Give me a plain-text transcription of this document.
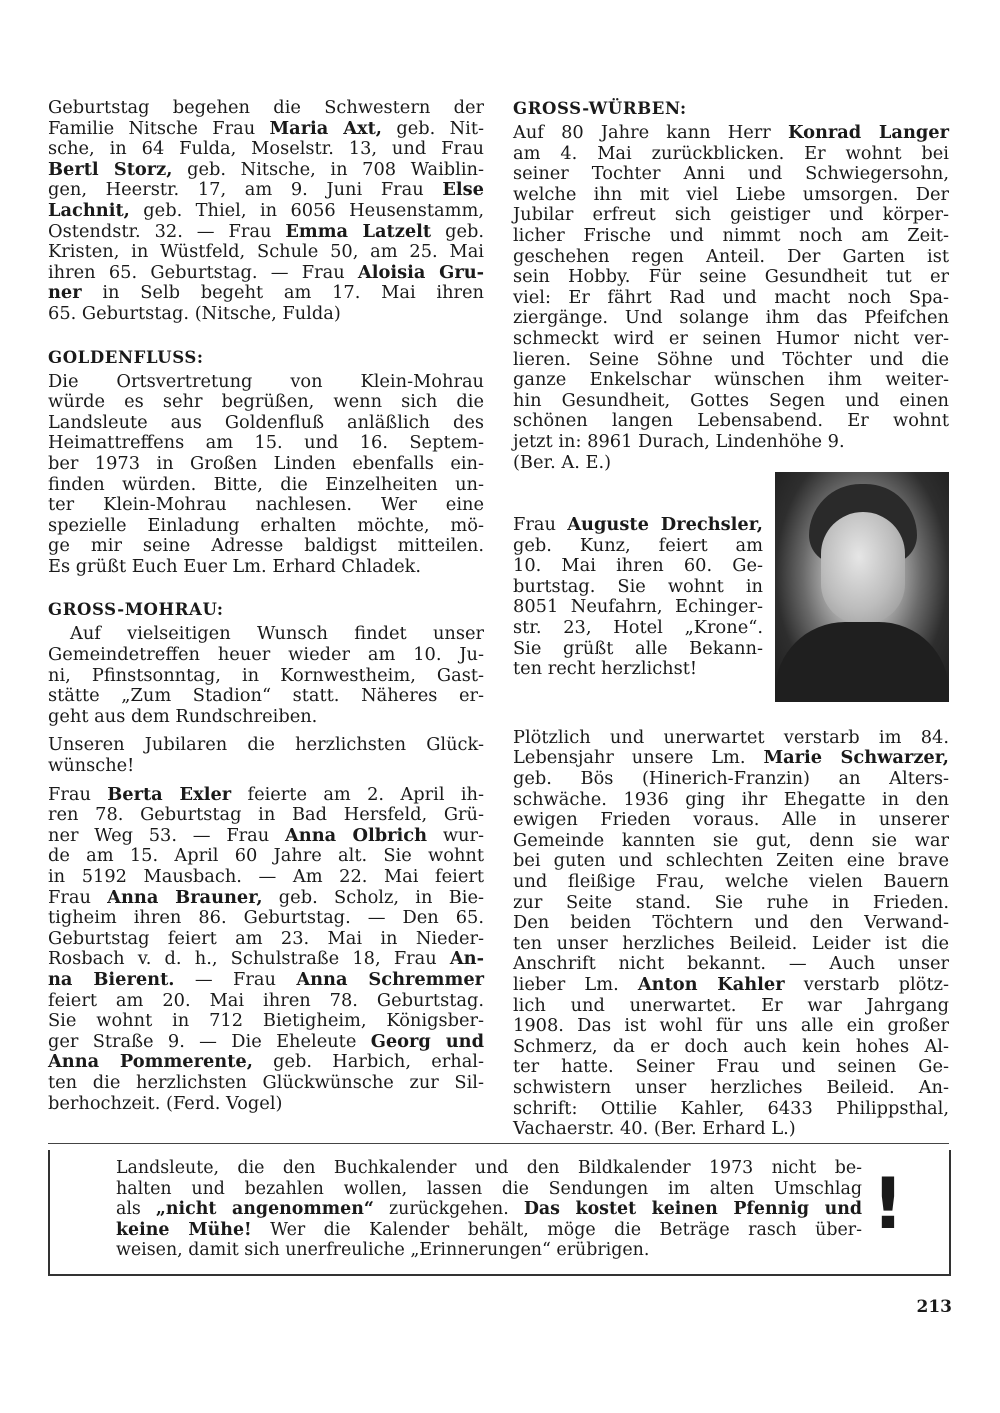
Geburtstag begehen die Schwestern der
Familie Nitsche Frau Maria Axt, geb. Nit-
sche, in 64 Fulda, Moselstr. 13, und Frau
Bertl Storz, geb. Nitsche, in 708 Waiblin-
gen, Heerstr. 17, am 9. Juni Frau Else
Lachnit, geb. Thiel, in 6056 Heusenstamm,
Ostendstr. 32. — Frau Emma Latzelt geb.
Kristen, in Wüstfeld, Schule 50, am 25. Mai
ihren 65. Geburtstag. — Frau Aloisia Gru-
ner in Selb begeht am 17. Mai ihren
65. Geburtstag. (Nitsche, Fulda)
GOLDENFLUSS:
Die Ortsvertretung von Klein-Mohrau
würde es sehr begrüßen, wenn sich die
Landsleute aus Goldenfluß anläßlich des
Heimattreffens am 15. und 16. Septem-
ber 1973 in Großen Linden ebenfalls ein-
finden würden. Bitte, die Einzelheiten un-
ter Klein-Mohrau nachlesen. Wer eine
spezielle Einladung erhalten möchte, mö-
ge mir seine Adresse baldigst mitteilen.
Es grüßt Euch Euer Lm. Erhard Chladek.
GROSS-MOHRAU:
Auf vielseitigen Wunsch findet unser
Gemeindetreffen heuer wieder am 10. Ju-
ni, Pfinstsonntag, in Kornwestheim, Gast-
stätte „Zum Stadion“ statt. Näheres er-
geht aus dem Rundschreiben.
Unseren Jubilaren die herzlichsten Glück-
wünsche!
Frau Berta Exler feierte am 2. April ih-
ren 78. Geburtstag in Bad Hersfeld, Grü-
ner Weg 53. — Frau Anna Olbrich wur-
de am 15. April 60 Jahre alt. Sie wohnt
in 5192 Mausbach. — Am 22. Mai feiert
Frau Anna Brauner, geb. Scholz, in Bie-
tigheim ihren 86. Geburtstag. — Den 65.
Geburtstag feiert am 23. Mai in Nieder-
Rosbach v. d. h., Schulstraße 18, Frau An-
na Bierent. — Frau Anna Schremmer
feiert am 20. Mai ihren 78. Geburtstag.
Sie wohnt in 712 Bietigheim, Königsber-
ger Straße 9. — Die Eheleute Georg und
Anna Pommerente, geb. Harbich, erhal-
ten die herzlichsten Glückwünsche zur Sil-
berhochzeit. (Ferd. Vogel)
GROSS-WÜRBEN:
Auf 80 Jahre kann Herr Konrad Langer
am 4. Mai zurückblicken. Er wohnt bei
seiner Tochter Anni und Schwiegersohn,
welche ihn mit viel Liebe umsorgen. Der
Jubilar erfreut sich geistiger und körper-
licher Frische und nimmt noch am Zeit-
geschehen regen Anteil. Der Garten ist
sein Hobby. Für seine Gesundheit tut er
viel: Er fährt Rad und macht noch Spa-
ziergänge. Und solange ihm das Pfeifchen
schmeckt wird er seinen Humor nicht ver-
lieren. Seine Söhne und Töchter und die
ganze Enkelschar wünschen ihm weiter-
hin Gesundheit, Gottes Segen und einen
schönen langen Lebensabend. Er wohnt
jetzt in: 8961 Durach, Lindenhöhe 9.
(Ber. A. E.)
Frau Auguste Drechsler,
geb. Kunz, feiert am
10. Mai ihren 60. Ge-
burtstag. Sie wohnt in
8051 Neufahrn, Echinger-
str. 23, Hotel „Krone“.
Sie grüßt alle Bekann-
ten recht herzlichst!
Plötzlich und unerwartet verstarb im 84.
Lebensjahr unsere Lm. Marie Schwarzer,
geb. Bös (Hinerich-Franzin) an Alters-
schwäche. 1936 ging ihr Ehegatte in den
ewigen Frieden voraus. Alle in unserer
Gemeinde kannten sie gut, denn sie war
bei guten und schlechten Zeiten eine brave
und fleißige Frau, welche vielen Bauern
zur Seite stand. Sie ruhe in Frieden.
Den beiden Töchtern und den Verwand-
ten unser herzliches Beileid. Leider ist die
Anschrift nicht bekannt. — Auch unser
lieber Lm. Anton Kahler verstarb plötz-
lich und unerwartet. Er war Jahrgang
1908. Das ist wohl für uns alle ein großer
Schmerz, da er doch auch kein hohes Al-
ter hatte. Seiner Frau und seinen Ge-
schwistern unser herzliches Beileid. An-
schrift: Ottilie Kahler, 6433 Philippsthal,
Vachaerstr. 40. (Ber. Erhard L.)
Landsleute, die den Buchkalender und den Bildkalender 1973 nicht be-
halten und bezahlen wollen, lassen die Sendungen im alten Umschlag
als „nicht angenommen“ zurückgehen. Das kostet keinen Pfennig und
keine Mühe! Wer die Kalender behält, möge die Beträge rasch über-
weisen, damit sich unerfreuliche „Erinnerungen“ erübrigen.
!
213
